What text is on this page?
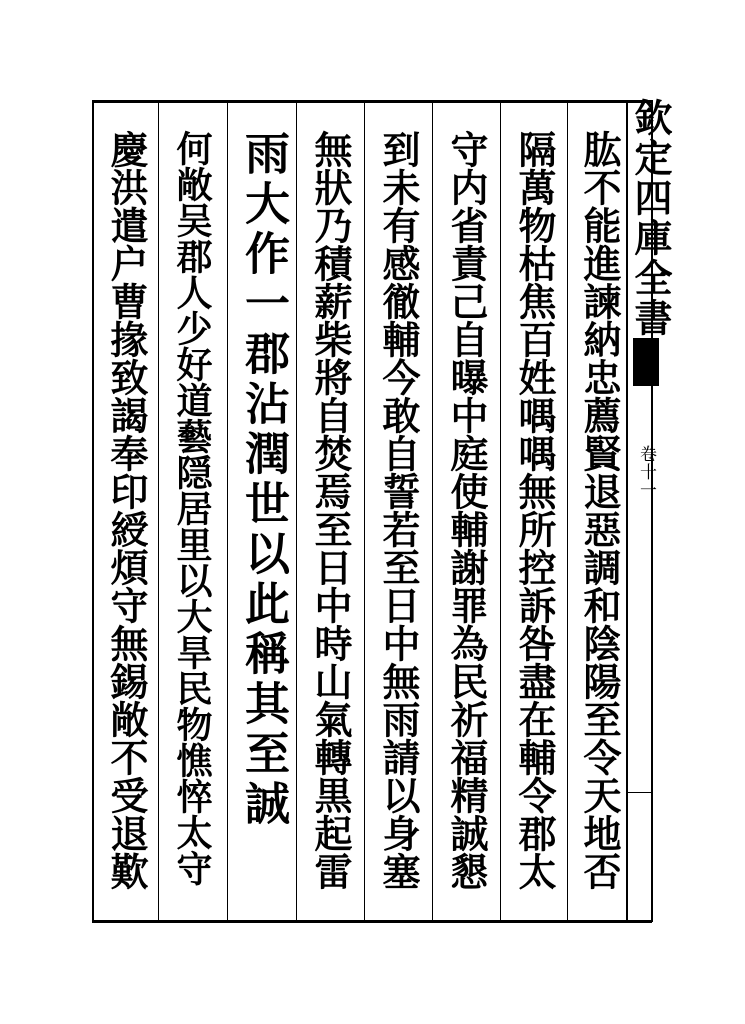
欽定四庫全書
卷十一
肱不能進諫納忠薦賢退惡調和陰陽至令天地否
隔萬物枯焦百姓喁喁無所控訴咎盡在輔令郡太
守内省責己自曝中庭使輔謝罪為民祈福精誠懇
到未有感徹輔今敢自誓若至日中無雨請以身塞
無狀乃積薪柴將自焚焉至日中時山氣轉黒起雷
雨大作一郡沾潤世以此稱其至誠
何敞吴郡人少好道藝隠居里以大旱民物憔悴太守
慶洪遣户曹掾致謁奉印綬煩守無錫敞不受退歎
